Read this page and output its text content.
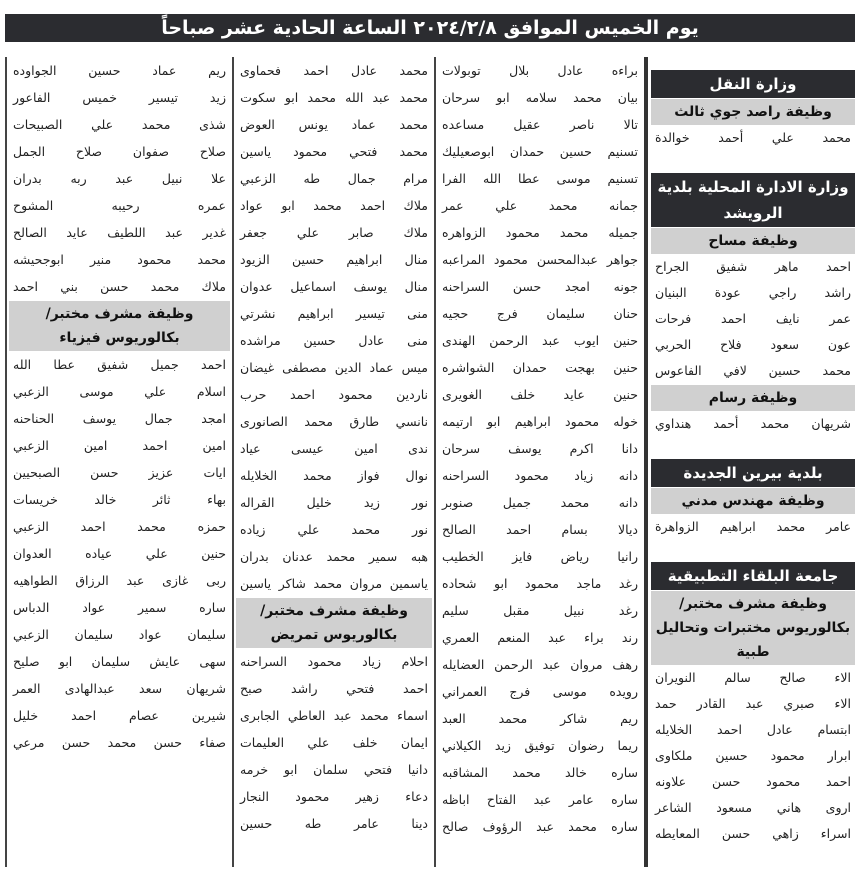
يوم الخميس الموافق ٢٠٢٤/٢/٨ الساعة الحادية عشر صباحاً
وزارة النقل
وظيفة راصد جوي ثالث
محمد
علي
أحمد
خوالدة
وزارة الادارة المحلية بلدية الرويشد
وظيفة مساح
احمد
ماهر
شفيق
الجراح
راشد
راجي
عودة
البنيان
عمر
نايف
احمد
فرحات
عون
سعود
فلاح
الحربي
محمد
حسين
لافي
الفاعوس
وظيفة رسام
شريهان
محمد
أحمد
هنداوي
بلدية بيرين الجديدة
وظيفة مهندس مدني
عامر
محمد
ابراهيم
الزواهرة
جامعة البلقاء التطبيقية
وظيفة مشرف مختبر/بكالوريوس مختبرات وتحاليل طبية
الاء
صالح
سالم
النويران
الاء
صبري
عبد
القادر
حمد
ابتسام
عادل
احمد
الخلايله
ابرار
محمود
حسين
ملكاوى
احمد
محمود
حسن
علاونه
اروى
هاني
مسعود
الشاعر
اسراء
زاهي
حسن
المعايطه
براءه
عادل
بلال
توبولات
بيان
محمد
سلامه
ابو
سرحان
تالا
ناصر
عقيل
مساعده
تسنيم
حسين
حمدان
ابوصعيليك
تسنيم
موسى
عطا
الله
الفرا
جمانه
محمد
علي
عمر
جميله
محمد
محمود
الزواهره
جواهر
عبدالمحسن
محمود
المراعبه
جونه
امجد
حسن
السراحنه
حنان
سليمان
فرج
حجيه
حنين
ايوب
عبد
الرحمن
الهندى
حنين
بهجت
حمدان
الشواشره
حنين
عايد
خلف
الغويرى
خوله
محمود
ابراهيم
ابو
ارتيمه
دانا
اكرم
يوسف
سرحان
دانه
زياد
محمود
السراحنه
دانه
محمد
جميل
صنوبر
ديالا
بسام
احمد
الصالح
رانيا
رياض
فايز
الخطيب
رغد
ماجد
محمود
ابو
شحاده
رغد
نبيل
مقبل
سليم
رند
براء
عبد
المنعم
العمري
رهف
مروان
عبد
الرحمن
العضايله
رويده
موسى
فرج
العمراني
ريم
شاكر
محمد
العبد
ريما
رضوان
توفيق
زيد
الكيلاني
ساره
خالد
محمد
المشاقبه
ساره
عامر
عبد
الفتاح
اباظه
ساره
محمد
عبد
الرؤوف
صالح
محمد
عادل
احمد
فحماوى
محمد
عبد
الله
محمد
ابو
سكوت
محمد
عماد
يونس
العوض
محمد
فتحي
محمود
ياسين
مرام
جمال
طه
الزعبي
ملاك
احمد
محمد
ابو
عواد
ملاك
صابر
علي
جعفر
منال
ابراهيم
حسين
الزيود
منال
يوسف
اسماعيل
عدوان
منى
تيسير
ابراهيم
نشرتي
منى
عادل
حسين
مراشده
ميس
عماد
الدين
مصطفى
غيضان
ناردين
محمود
احمد
حرب
نانسي
طارق
محمد
الصانورى
ندى
امين
عيسى
عياد
نوال
فواز
محمد
الخلايله
نور
زيد
خليل
القراله
نور
محمد
علي
زياده
هبه
سمير
محمد
عدنان
بدران
ياسمين
مروان
محمد
شاكر
ياسين
وظيفة مشرف مختبر/بكالوريوس تمريض
احلام
زياد
محمود
السراحنه
احمد
فتحي
راشد
صبح
اسماء
محمد
عبد
العاطي
الجابرى
ايمان
خلف
علي
العليمات
دانيا
فتحي
سلمان
ابو
خرمه
دعاء
زهير
محمود
النجار
دينا
عامر
طه
حسين
ريم
عماد
حسين
الجواوده
زيد
تيسير
خميس
الفاعور
شذى
محمد
علي
الصبيحات
صلاح
صفوان
صلاح
الجمل
علا
نبيل
عبد
ربه
بدران
عمره
رحيبه
المشوح
غدير
عبد
اللطيف
عايد
الصالح
محمد
محمود
منير
ابوجحيشه
ملاك
محمد
حسن
بني
احمد
وظيفة مشرف مختبر/بكالوريوس فيزياء
احمد
جميل
شفيق
عطا
الله
اسلام
علي
موسى
الزعبي
امجد
جمال
يوسف
الحناحنه
امين
احمد
امين
الزعبي
ايات
عزيز
حسن
الصبحيين
بهاء
ثائر
خالد
خريسات
حمزه
محمد
احمد
الزعبي
حنين
علي
عياده
العدوان
ربى
غازى
عبد
الرزاق
الطواهيه
ساره
سمير
عواد
الدباس
سليمان
عواد
سليمان
الزعبي
سهى
عايش
سليمان
ابو
صليح
شريهان
سعد
عبدالهادى
العمر
شيرين
عصام
احمد
خليل
صفاء
حسن
محمد
حسن
مرعي
